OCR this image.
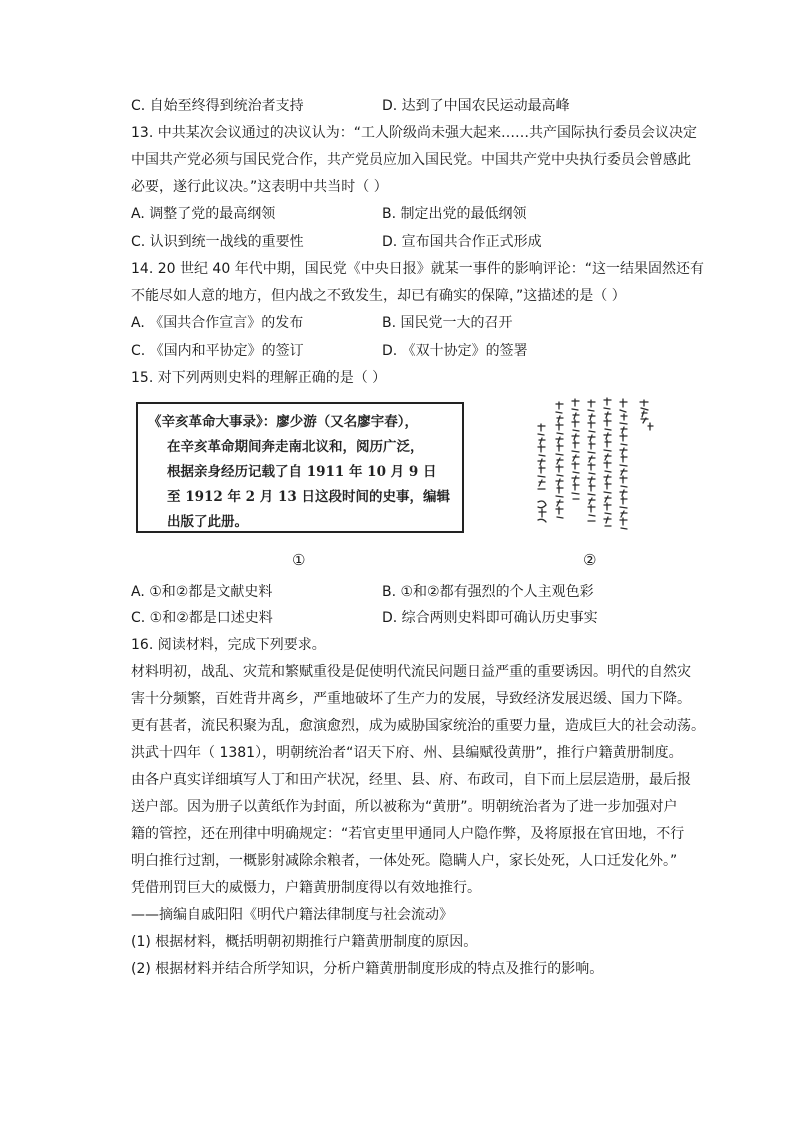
C. 自始至终得到统治者支持	D. 达到了中国农民运动最高峰
13. 中共某次会议通过的决议认为：“工人阶级尚未强大起来……共产国际执行委员会议决定
中国共产党必须与国民党合作，共产党员应加入国民党。中国共产党中央执行委员会曾感此
必要，遂行此议决。”这表明中共当时（ ）
A. 调整了党的最高纲领	B. 制定出党的最低纲领
C. 认识到统一战线的重要性	D. 宣布国共合作正式形成
14. 20 世纪 40 年代中期，国民党《中央日报》就某一事件的影响评论：“这一结果固然还有
不能尽如人意的地方，但内战之不致发生，却已有确实的保障，”这描述的是（ ）
A. 《国共合作宣言》的发布	B. 国民党一大的召开
C. 《国内和平协定》的签订	D. 《双十协定》的签署
15. 对下列两则史料的理解正确的是（ ）
《辛亥革命大事录》：廖少游（又名廖宇春），
在辛亥革命期间奔走南北议和，阅历广泛，
根据亲身经历记载了自 1911 年 10 月 9 日
至 1912 年 2 月 13 日这段时间的史事，编辑
出版了此册。
①	②
A. ①和②都是文献史料	B. ①和②都有强烈的个人主观色彩
C. ①和②都是口述史料	D. 综合两则史料即可确认历史事实
16. 阅读材料，完成下列要求。
材料明初，战乱、灾荒和繁赋重役是促使明代流民问题日益严重的重要诱因。明代的自然灾
害十分频繁，百姓背井离乡，严重地破坏了生产力的发展，导致经济发展迟缓、国力下降。
更有甚者，流民积聚为乱，愈演愈烈，成为威胁国家统治的重要力量，造成巨大的社会动荡。
洪武十四年（ 1381），明朝统治者“诏天下府、州、县编赋役黄册”，推行户籍黄册制度。
由各户真实详细填写人丁和田产状况，经里、县、府、布政司，自下而上层层造册，最后报
送户部。因为册子以黄纸作为封面，所以被称为“黄册”。明朝统治者为了进一步加强对户
籍的管控，还在刑律中明确规定：“若官吏里甲通同人户隐作弊，及将原报在官田地，不行
明白推行过割，一概影射减除余粮者，一体处死。隐瞒人户，家长处死，人口迁发化外。”
凭借刑罚巨大的威慑力，户籍黄册制度得以有效地推行。
——摘编自戚阳阳《明代户籍法律制度与社会流动》
(1) 根据材料，概括明朝初期推行户籍黄册制度的原因。
(2) 根据材料并结合所学知识，分析户籍黄册制度形成的特点及推行的影响。
